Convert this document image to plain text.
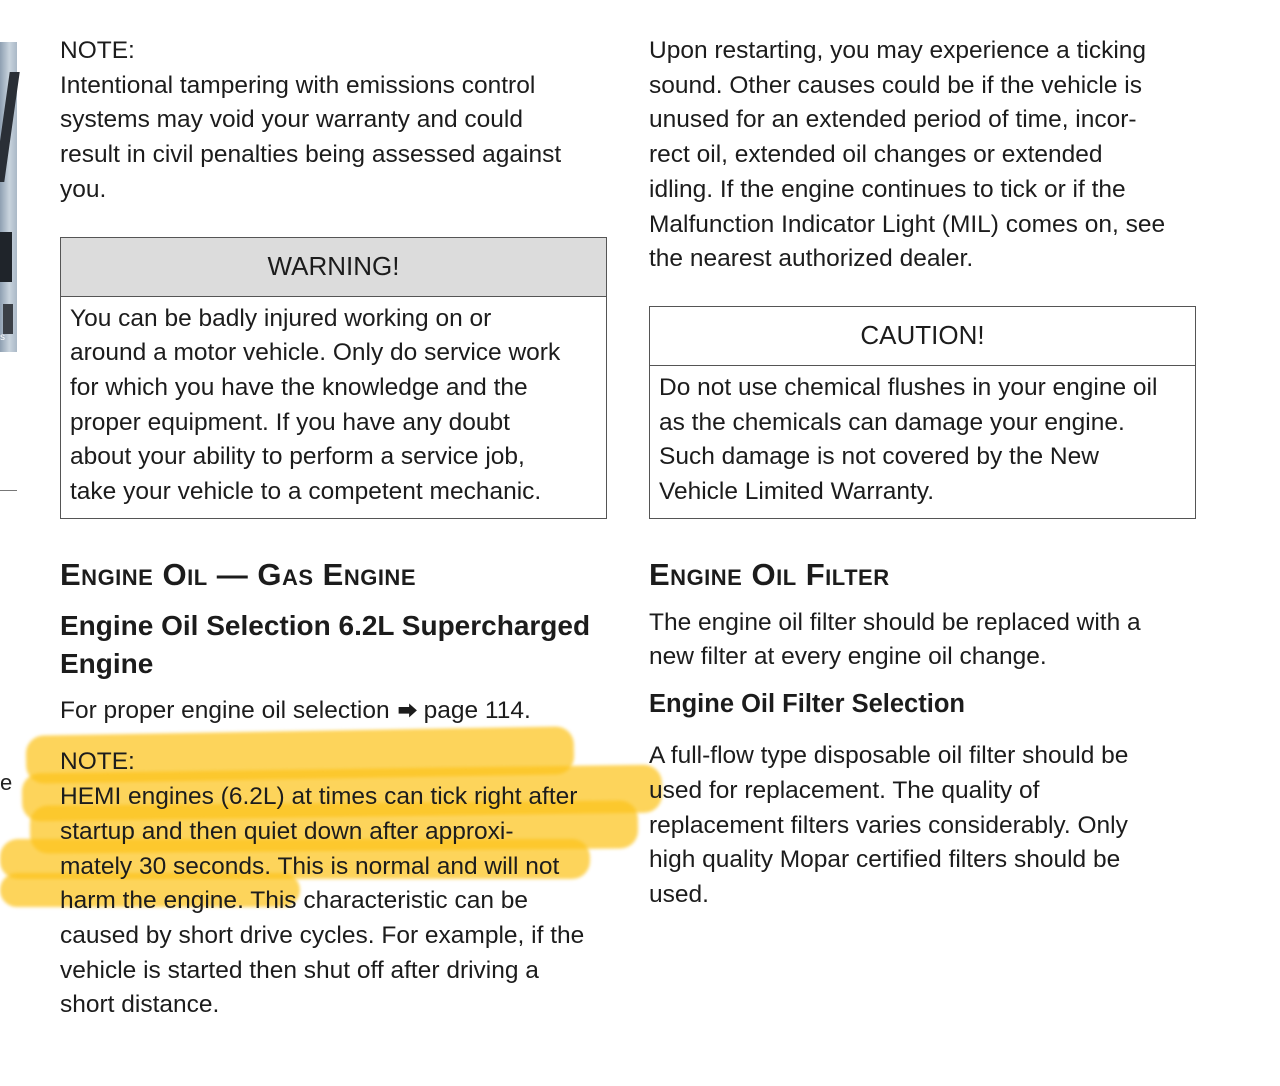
s
e

NOTE:

Intentional tampering with emissions control

systems may void your warranty and could

result in civil penalties being assessed against

you.

WARNING!

You can be badly injured working on or

around a motor vehicle. Only do service work

for which you have the knowledge and the

proper equipment. If you have any doubt

about your ability to perform a service job,

take your vehicle to a competent mechanic.

Engine Oil — Gas Engine
Engine Oil Selection 6.2L Supercharged
Engine

For proper engine oil selection ⮕ page 114.

NOTE:

HEMI engines (6.2L) at times can tick right after

startup and then quiet down after approxi-

mately 30 seconds. This is normal and will not

harm the engine. This characteristic can be

caused by short drive cycles. For example, if the

vehicle is started then shut off after driving a

short distance.

Upon restarting, you may experience a ticking

sound. Other causes could be if the vehicle is

unused for an extended period of time, incor-

rect oil, extended oil changes or extended

idling. If the engine continues to tick or if the

Malfunction Indicator Light (MIL) comes on, see

the nearest authorized dealer.

CAUTION!

Do not use chemical flushes in your engine oil

as the chemicals can damage your engine.

Such damage is not covered by the New

Vehicle Limited Warranty.

Engine Oil Filter

The engine oil filter should be replaced with a

new filter at every engine oil change.

Engine Oil Filter Selection

A full-flow type disposable oil filter should be

used for replacement. The quality of

replacement filters varies considerably. Only

high quality Mopar certified filters should be

used.
